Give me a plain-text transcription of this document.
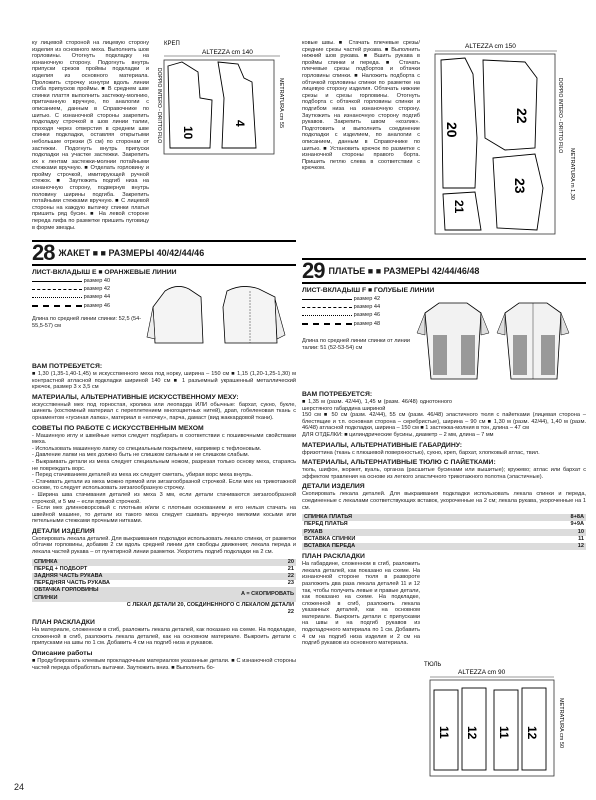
24
ку лицевой стороной на лицевую сторону изделия из основного меха. Выполнить шов горловины. Отогнуть подкладку на изнаночную сторону. Подогнуть внутрь припуски срезов проймы подкладки и изделия из основного материала. Проложить строчку изнутри вдоль линии сгиба припусков проймы. ■ В среднем шве спинки плаття выполнить застежку-молнию, притачанную вручную, по аналогии с описанием, данным в Справочнике по шитью. С изнаночной стороны закрепить подкладку строчкой в шов линии талии, проходя через отверстия в среднем шве спинки подкладки, оставляя открытыми небольшие отрезки (5 см) по сторонам от застежки. Подогнуть внутрь припуски подкладки на участке застежки. Закрепить их к лентам застежки-молнии потайными стежками вручную. ■ Отделать горловину и пройму строчкой, имитирующей ручной стежок. ■ Заутюжить подгиб низа на изнаночную сторону, подвернув внутрь половину ширины подгиба. Закрепить потайными стежками вручную. ■ С лицевой стороны на каждую вытачку спинки платья пришить ряд бусин. ■ На левой стороне переда лифа по разметке пришить пуговицу в форме звезды.
КРЕП
ALTEZZA cm 140
10
4
DOPPIO INTERO - DRITTO FILO	METRATURA cm 55
ALTEZZA cm 150
20
22
23
21
DOPPIO INTERO - DRITTO FILO
METRATURA m 1,30
ковые швы. ■ Стачать плечевые срезы/ средние срезы частей рукава. ■ Выполнить нижний шов рукава. ■ Вшить рукава в проймы спинки и переда. ■ Стачать плечевые срезы подбортов и обтачки горловины спинки. ■ Наложить подборта с обтачкой горловины спинки по разметке на лицевую сторону изделия. Обтачать нижние срезы и срезы горловины. Отогнуть подборта с обтачкой горловины спинки и подгибом низа на изнаночную сторону. Заутюжить на изнаночную сторону подгиб рукавов. Закрепить швом «козлик». Подготовить и выполнить соединение подкладки с изделием, по аналогии с описанием, данным в Справочнике по шитью. ■ Установить крючок по разметке с изнаночной стороны правого борта. Пришить петлю слева в соответствии с крючком.
28 ЖАКЕТ ■ ■ РАЗМЕРЫ 40/42/44/46
ЛИСТ-ВКЛАДЫШ Е ■ ОРАНЖЕВЫЕ ЛИНИИ
размер 40
размер 42
размер 44
размер 46
Длина по средней линии спинки: 52,5 (54-55,5-57) см
ВАМ ПОТРЕБУЕТСЯ:
■ 1,30 (1,35-1,40-1,45) м искусственного меха под норку, ширина – 150 см ■ 1,15 (1,20-1,25-1,30) м контрастной атласной подкладки шириной 140 см ■ 1 разъемный укрaшенный металлический крючок, размер 3 х 3,5 см
МАТЕРИАЛЫ, АЛЬТЕРНАТИВНЫЕ ИСКУССТВЕННОМУ МЕХУ:
искусственный мех под горностая, кролика или леопарда ИЛИ обычные: бархат, сукно, букле, шинель (костюмный материал с переплетением многоцветных нитей), драп, гобеленовая ткань с орнаментом «гусиная лапка», материал в «елочку», парча, дамаст (вид жаккардовой ткани).
СОВЕТЫ ПО РАБОТЕ С ИСКУССТВЕННЫМ МЕХОМ
- Машинную иглу и швейные нитки следует подбирать в соответствии с пошивочными свойствами меха.
- Использовать машинную лапку со специальным покрытием, например с тефлоновым.
- Давление лапки на мех должно быть не слишком сильным и не слишком слабым.
- Выкраивать детали из меха следует специальным ножом, разрезая только основу меха, стараясь не повреждать ворс.
- Перед стачиванием деталей из меха их следует сметать, убирая ворс меха внутрь.
- Стачивать детали из меха можно прямой или зигзагообразной строчкой. Если мех на трикотажной основе, то следует использовать зигзагообразную строчку.
- Ширина шва стачивания деталей из меха 3 мм, если детали стачиваются зигзагообразной строчкой, и 5 мм – если прямой строчкой.
- Если мех длинноворсовый с плотным и/или с плотным основанием и его нельзя стачать на швейной машине, то детали из такого меха следует сшивать вручную мелкими косыми или петельными стежками прочными нитками.
ДЕТАЛИ ИЗДЕЛИЯ
Скопировать лекала деталей. Для выкраивания подкладки использовать лекало спинки, от разметки обтачки горловины, добавив 2 см вдоль средней линии для свободы движения; лекала переда и лекала частей рукава – от пунктирной линии разметки. Укоротить подгиб подкладки на 2 см.
СПИНКА	20
ПЕРЕД + ПОДБОРТ	21
ЗАДНЯЯ ЧАСТЬ РУКАВА	22
ПЕРЕДНЯЯ ЧАСТЬ РУКАВА	23
ОБТАЧКА ГОРЛОВИНЫ СПИНКИ	A = СКОПИРОВАТЬ
	С ЛЕКАЛ ДЕТАЛИ 20, СОЕДИНЕННОГО С ЛЕКАЛОМ ДЕТАЛИ 22
ПЛАН РАСКЛАДКИ
На материале, сложенном в сгиб, разложить лекала деталей, как показано на схеме. На подкладке, сложенной в сгиб, разложить лекала деталей, как на основном материале. Выкроить детали с припусками на швы по 1 см. Добавить 4 см на подгиб низа и рукавов.
Описание работы
■ Продублировать клеевым прокладочным материалом указанные детали. ■ С изнаночной стороны частей переда обработать вытачки. Заутюжить вниз. ■ Выполнить бо-
29 ПЛАТЬЕ ■ ■ РАЗМЕРЫ 42/44/46/48
ЛИСТ-ВКЛАДЫШ F ■ ГОЛУБЫЕ ЛИНИИ
размер 42
размер 44
размер 46
размер 48
Длина по средней линии спинки от линии талии: 51 (52-53-54) см
ВАМ ПОТРЕБУЕТСЯ:
■ 1,35 м (разм. 42/44), 1,45 м (разм. 46/48) однотонного шерстяного габардина шириной
150 см ■ 50 см (разм. 42/44), 55 см (разм. 46/48) эластичного тюля с пайетками (лицевая сторона – блестящие и т.п. основная сторона – серебристые), ширина – 90 см ■ 1,30 м (разм. 42/44), 1,40 м (разм. 46/48) атласной подкладки, ширина – 150 см ■ 1 застежка-молния в тон, длина – 47 см
ДЛЯ ОТДЕЛКИ: ■ цилиндрические бусины, диаметр – 2 мм, длина – 7 мм
МАТЕРИАЛЫ, АЛЬТЕРНАТИВНЫЕ ГАБАРДИНУ:
фризоттина (ткань с плюшевой поверхностью), сукно, креп, бархат, хлопковый атлас, твил.
МАТЕРИАЛЫ, АЛЬТЕРНАТИВНЫЕ ТЮЛЮ С ПАЙЕТКАМИ:
тюль, шифон, жоржет, вуаль, органза (расшитые бусинами или вышитые); кружево; атлас или бархат с эффектом травления на основе из легкого эластичного трикотажного полотна (эластичные).
ДЕТАЛИ ИЗДЕЛИЯ
Скопировать лекала деталей. Для выкраивания подкладки использовать лекала спинки и переда, соединенные с лекалами соответствующих вставок, укороченные на 2 см; лекала рукава, укороченные на 1 см.
СПИНКА ПЛАТЬЯ	8+8А
ПЕРЕД ПЛАТЬЯ	9+9А
РУКАВ	10
ВСТАВКА СПИНКИ	11
ВСТАВКА ПЕРЕДА	12
ПЛАН РАСКЛАДКИ
На габардине, сложенном в сгиб, разложить лекала деталей, как показано на схеме. На изнаночной стороне тюля в развороте разложить два раза лекала деталей 11 и 12 так, чтобы получить левые и правые детали, как показано на схеме. На подкладке, сложенной в сгиб, разложить лекала указанных деталей, как на основном материале. Выкроить детали с припусками на швы и на подгиб рукавов из подкладочного материала по 1 см. Добавить 4 см на подгиб низа изделия и 2 см на подгиб рукавов из основного материала.
ТЮЛЬ
ALTEZZA cm 90
11 12 11 12	METRATURA cm 50
